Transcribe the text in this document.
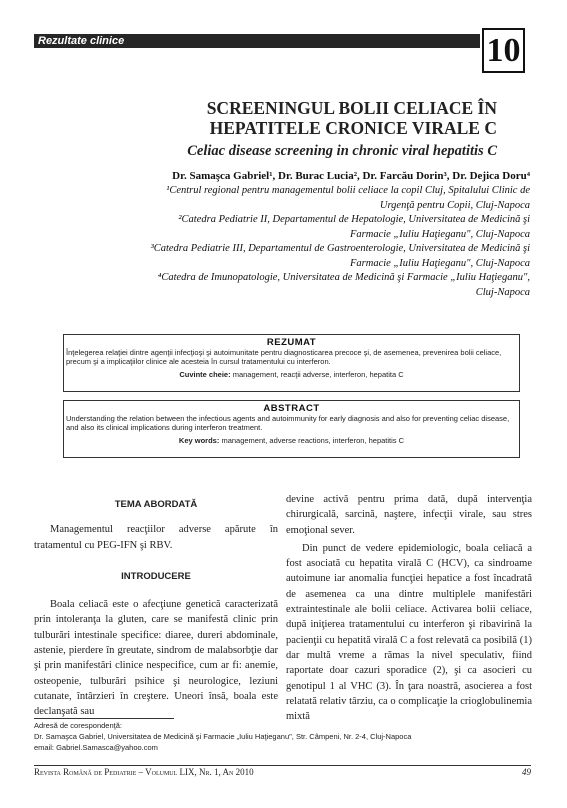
Rezultate clinice	10
SCREENINGUL BOLII CELIACE ÎN
HEPATITELE CRONICE VIRALE C
Celiac disease screening in chronic viral hepatitis C
Dr. Samaşca Gabriel¹, Dr. Burac Lucia², Dr. Farcău Dorin³, Dr. Dejica Doru⁴
¹Centrul regional pentru managementul bolii celiace la copil Cluj, Spitalului Clinic de
Urgenţă pentru Copii, Cluj-Napoca
²Catedra Pediatrie II, Departamentul de Hepatologie, Universitatea de Medicină şi
Farmacie „Iuliu Haţieganu", Cluj-Napoca
³Catedra Pediatrie III, Departamentul de Gastroenterologie, Universitatea de Medicină şi
Farmacie „Iuliu Haţieganu", Cluj-Napoca
⁴Catedra de Imunopatologie, Universitatea de Medicină şi Farmacie „Iuliu Haţieganu",
Cluj-Napoca
REZUMAT
Înţelegerea relaţiei dintre agenţii infecţioşi şi autoimunitate pentru diagnosticarea precoce şi, de asemenea, prevenirea bolii celiace, precum şi a implicaţiilor clinice ale acesteia în cursul tratamentului cu interferon.
Cuvinte cheie: management, reacţii adverse, interferon, hepatita C
ABSTRACT
Understanding the relation between the infectious agents and autoimmunity for early diagnosis and also for preventing celiac disease, and also its clinical implications during interferon treatment.
Key words: management, adverse reactions, interferon, hepatitis C

TEMA ABORDATĂ

Managementul reacţiilor adverse apărute în tratamentul cu PEG-IFN şi RBV.

INTRODUCERE

Boala celiacă este o afecţiune genetică caracterizată prin intoleranţa la gluten, care se manifestă clinic prin tulburări intestinale specifice: diaree, dureri abdominale, astenie, pierdere în greutate, sindrom de malabsorbţie dar şi prin manifestări clinice nespecifice, cum ar fi: anemie, osteopenie, tulburări psihice şi neurologice, leziuni cutanate, întârzieri în creştere. Uneori însă, boala este declanşată sau

devine activă pentru prima dată, după intervenţia chirurgicală, sarcină, naştere, infecţii virale, sau stres emoţional sever.

Din punct de vedere epidemiologic, boala celiacă a fost asociată cu hepatita virală C (HCV), ca sindroame autoimune iar anomalia funcţiei hepatice a fost încadrată de asemenea ca una dintre multiplele manifestări extraintestinale ale bolii celiace. Activarea bolii celiace, după iniţierea tratamentului cu interferon şi ribavirină la pacienţii cu hepatită virală C a fost relevată ca posibilă (1) dar multă vreme a rămas la nivel speculativ, fiind raportate doar cazuri sporadice (2), şi ca asocieri cu genotipul 1 al VHC (3). În ţara noastră, asocierea a fost relatată relativ târziu, ca o complicaţie la crioglobulinemia mixtă

Adresă de corespondenţă:
Dr. Samaşca Gabriel, Universitatea de Medicină şi Farmacie „Iuliu Haţieganu", Str. Câmpeni, Nr. 2-4, Cluj-Napoca
email: Gabriel.Samasca@yahoo.com
Revista Română de Pediatrie – Volumul LIX, Nr. 1, An 2010	49
